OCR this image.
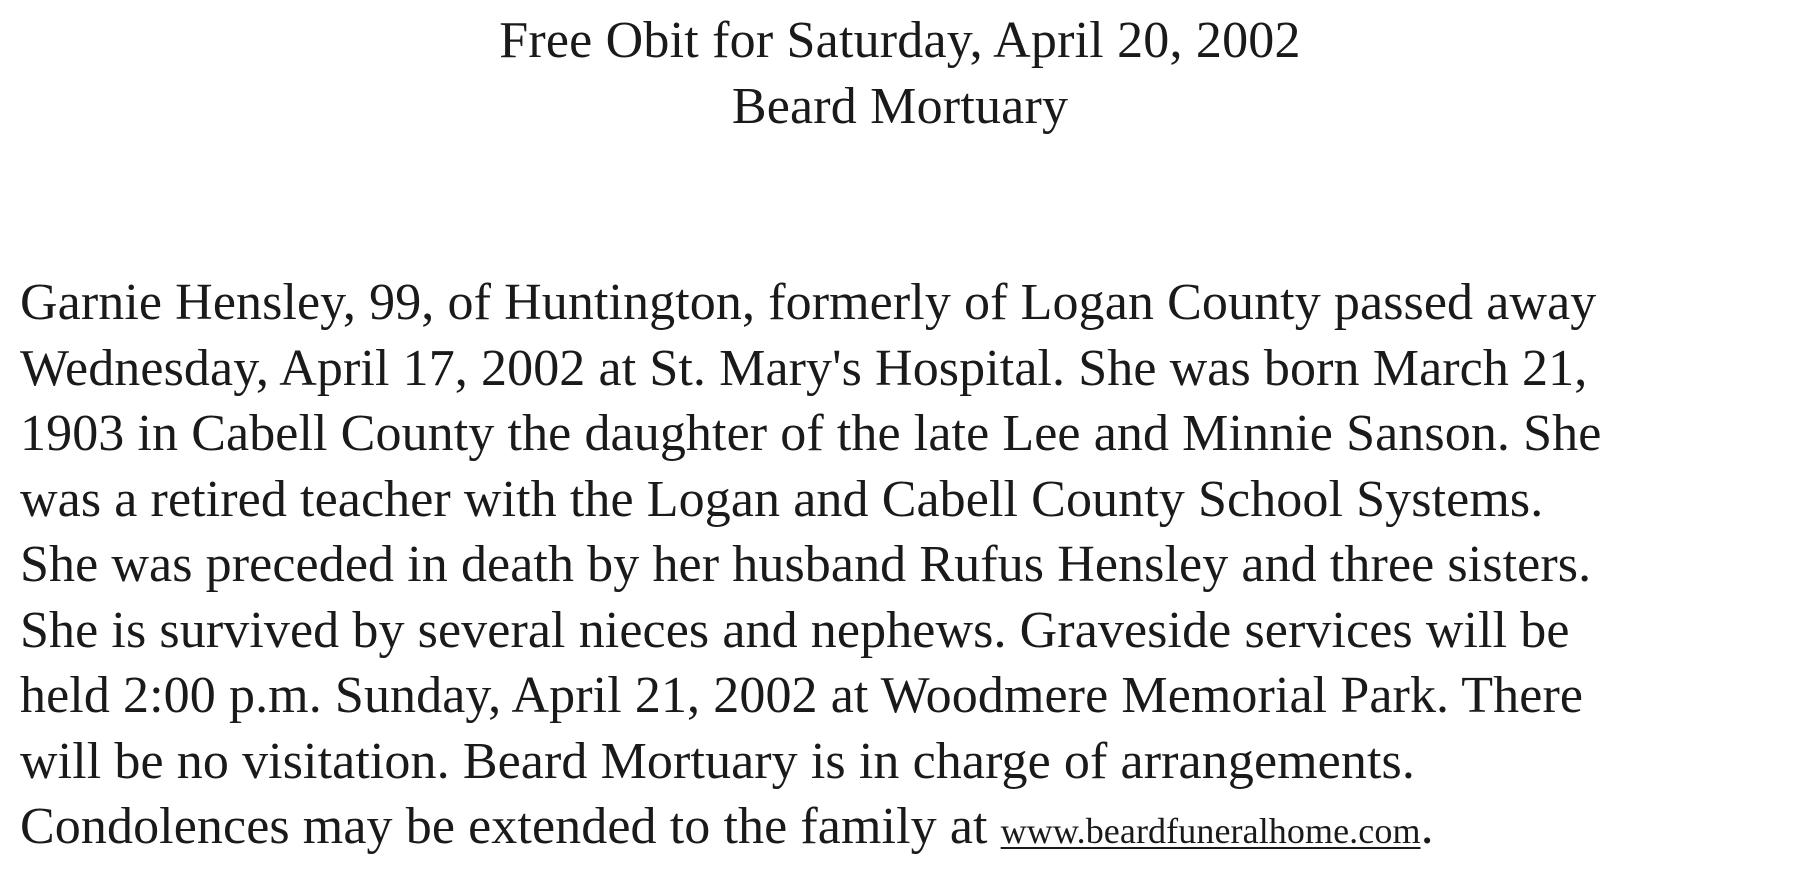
Free Obit for Saturday, April 20, 2002
Beard Mortuary
Garnie Hensley, 99, of Huntington, formerly of Logan County passed away
Wednesday, April 17, 2002 at St. Mary's Hospital. She was born March 21,
1903 in Cabell County the daughter of the late Lee and Minnie Sanson. She
was a retired teacher with the Logan and Cabell County School Systems.
She was preceded in death by her husband Rufus Hensley and three sisters.
She is survived by several nieces and nephews. Graveside services will be
held 2:00 p.m. Sunday, April 21, 2002 at Woodmere Memorial Park. There
will be no visitation. Beard Mortuary is in charge of arrangements.
Condolences may be extended to the family at www.beardfuneralhome.com.
